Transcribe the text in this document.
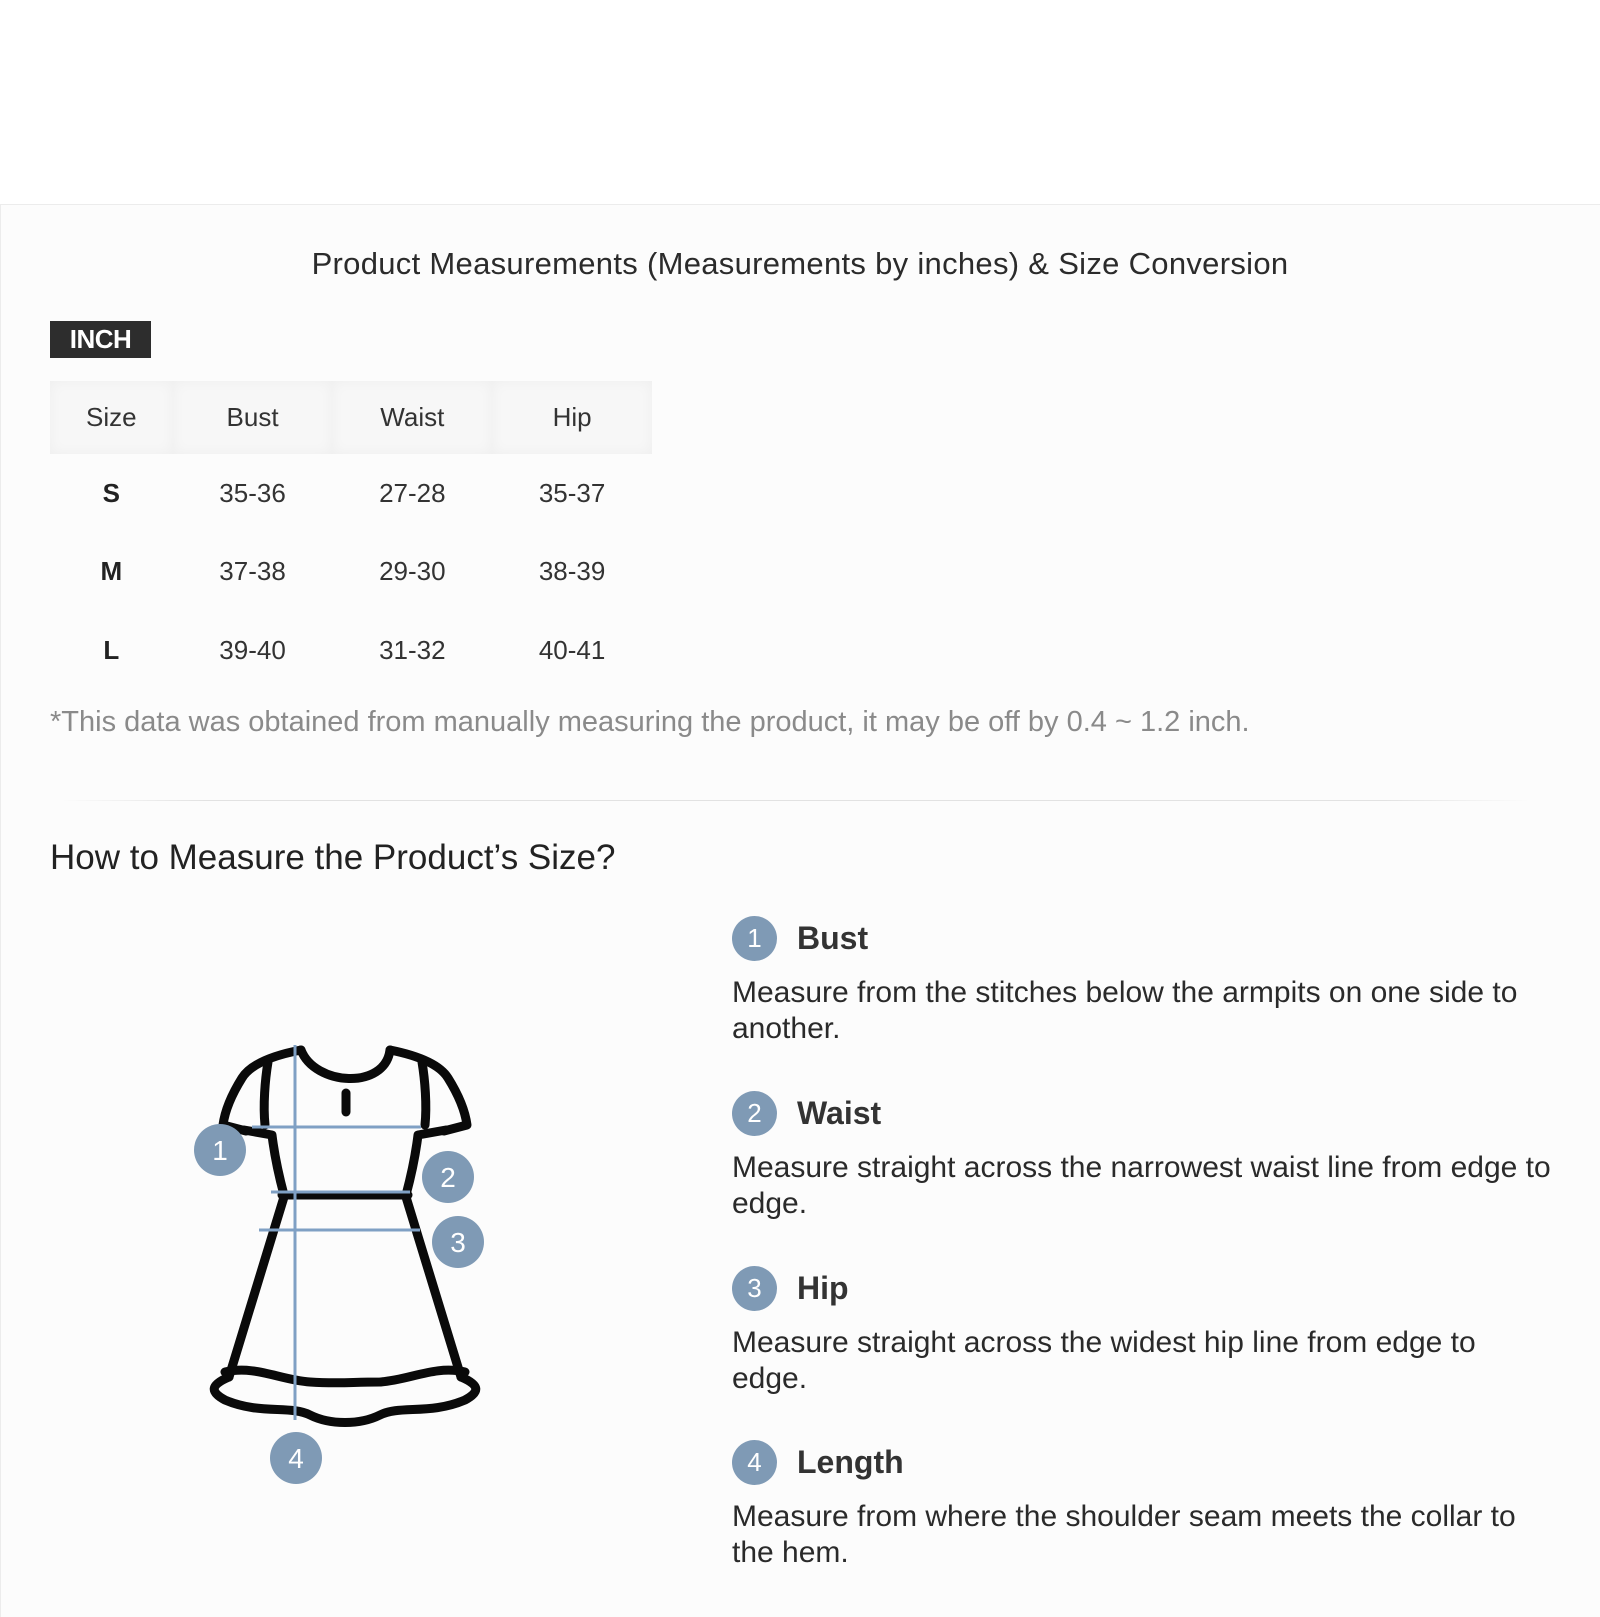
Product Measurements (Measurements by inches) & Size Conversion
INCH
Size	Bust	Waist	Hip
S	35-36	27-28	35-37
M	37-38	29-30	38-39
L	39-40	31-32	40-41
*This data was obtained from manually measuring the product, it may be off by 0.4 ~ 1.2 inch.
How to Measure the Product’s Size?
1
2
3
4
1	Bust
Measure from the stitches below the armpits on one side to another.
2	Waist
Measure straight across the narrowest waist line from edge to edge.
3	Hip
Measure straight across the widest hip line from edge to edge.
4	Length
Measure from where the shoulder seam meets the collar to the hem.
